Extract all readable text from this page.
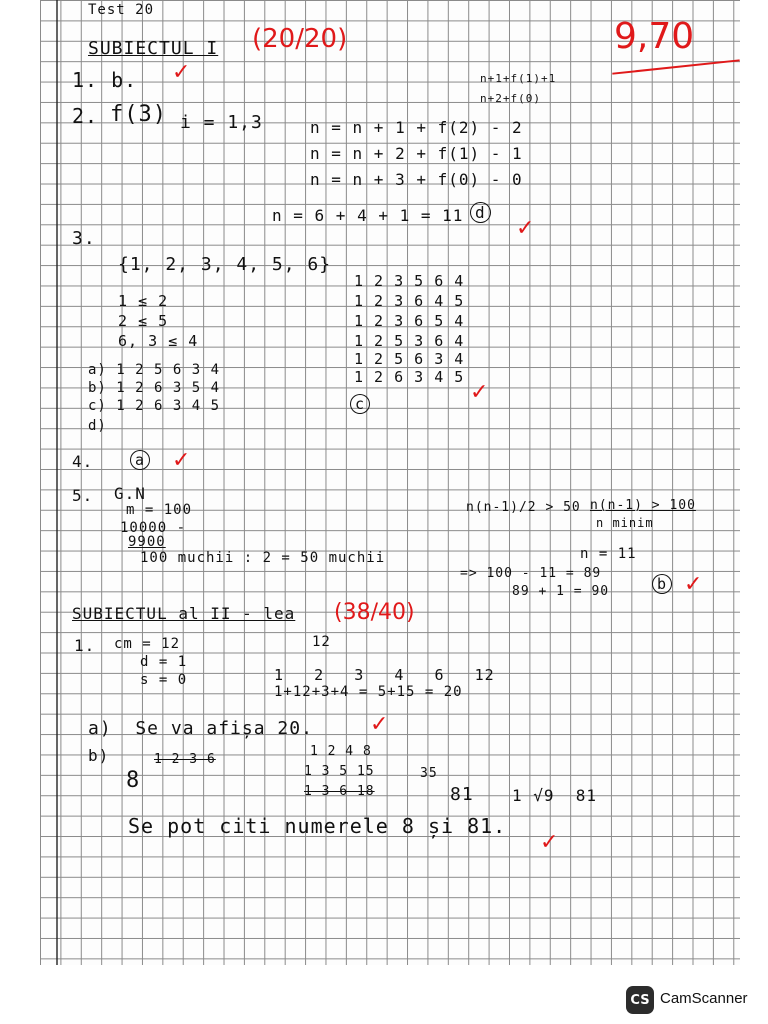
Test 20
SUBIECTUL I (20/20)
✓
9,70
n+1+f(1)+1
n+2+f(0)
1. b.
2. f(3) i = 1,3	n = n + 1 + f(2) - 2
n = n + 2 + f(1) - 1
n = n + 3 + f(0) - 0
n = 6 + 4 + 1 = 11 d
✓
3.
{1, 2, 3, 4, 5, 6}
1 ≤ 2
2 ≤ 5
6, 3 ≤ 4
a) 1 2 5 6 3 4
b) 1 2 6 3 5 4
c) 1 2 6 3 4 5
d)
1 2 3 5 6 4
1 2 3 6 4 5
1 2 3 6 5 4
1 2 5 3 6 4
1 2 5 6 3 4
1 2 6 3 4 5
c	✓
4.	a ✓
5. G.N
m = 100
10000 -
9900
100 muchii : 2 = 50 muchii
n(n-1)/2 > 50 n(n-1) > 100
n minim
n = 11
=> 100 - 11 = 89
89 + 1 = 90	b ✓
SUBIECTUL al II - lea (38/40)
1. cm = 12
d = 1
s = 0
12
1   2   3   4   6   12
1+12+3+4 = 5+15 = 20
a)  Se va afișa 20.	✓
b)	1 2 3 6
8
1 2 4 8
1 3 5 15
1 3 6 18
35
81 1 √9  81
Se pot citi numerele 8 și 81.
✓
CS CamScanner
